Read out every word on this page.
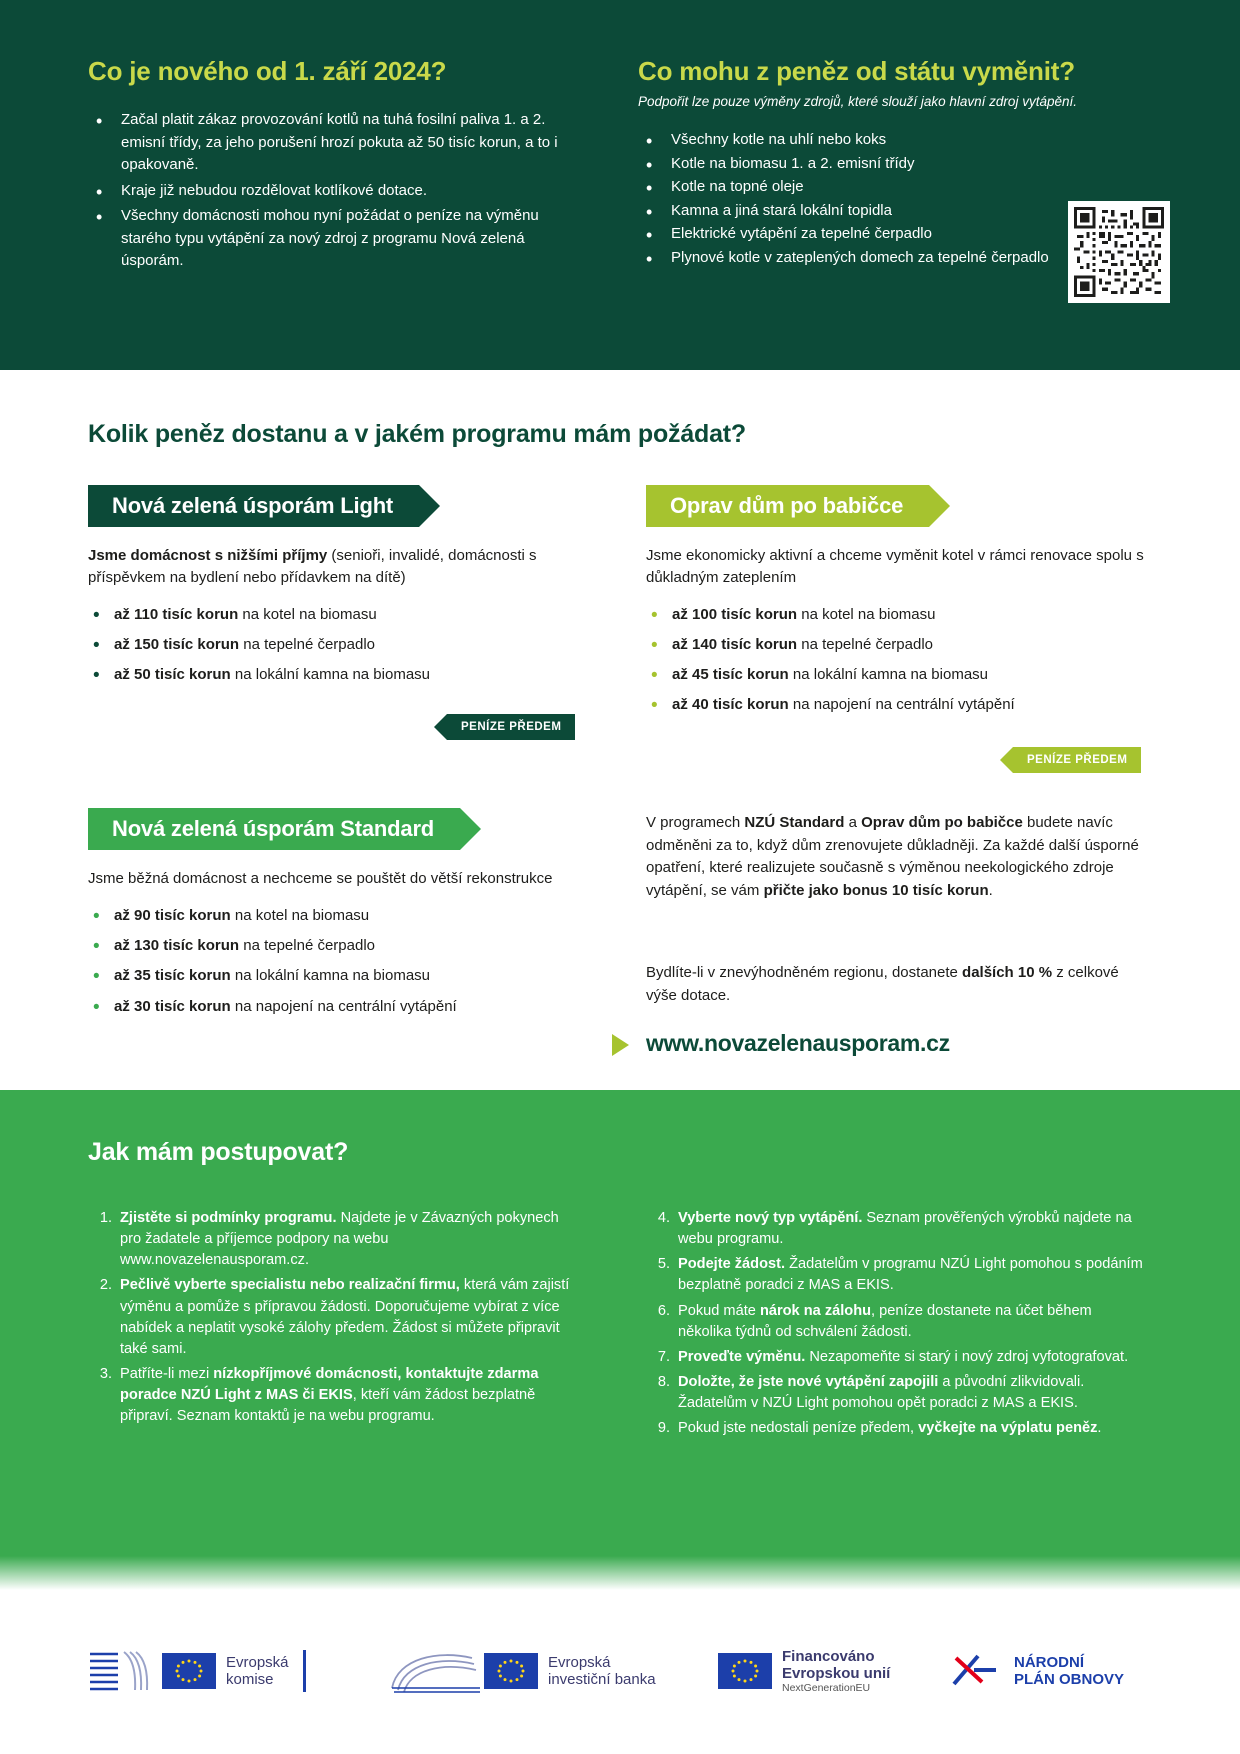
Co je nového od 1. září 2024?
• Začal platit zákaz provozování kotlů na tuhá fosilní paliva 1. a 2. emisní třídy, za jeho porušení hrozí pokuta až 50 tisíc korun, a to i opakovaně.
• Kraje již nebudou rozdělovat kotlíkové dotace.
• Všechny domácnosti mohou nyní požádat o peníze na výměnu starého typu vytápění za nový zdroj z programu Nová zelená úsporám.
Co mohu z peněz od státu vyměnit?
Podpořit lze pouze výměny zdrojů, které slouží jako hlavní zdroj vytápění.
• Všechny kotle na uhlí nebo koks
• Kotle na biomasu 1. a 2. emisní třídy
• Kotle na topné oleje
• Kamna a jiná stará lokální topidla
• Elektrické vytápění za tepelné čerpadlo
• Plynové kotle v zateplených domech za tepelné čerpadlo
Kolik peněz dostanu a v jakém programu mám požádat?
Nová zelená úsporám Light
Jsme domácnost s nižšími příjmy (senioři, invalidé, domácnosti s příspěvkem na bydlení nebo přídavkem na dítě)
• až 110 tisíc korun na kotel na biomasu
• až 150 tisíc korun na tepelné čerpadlo
• až 50 tisíc korun na lokální kamna na biomasu
PENÍZE PŘEDEM
Oprav dům po babičce
Jsme ekonomicky aktivní a chceme vyměnit kotel v rámci renovace spolu s důkladným zateplením
• až 100 tisíc korun na kotel na biomasu
• až 140 tisíc korun na tepelné čerpadlo
• až 45 tisíc korun na lokální kamna na biomasu
• až 40 tisíc korun na napojení na centrální vytápění
PENÍZE PŘEDEM
Nová zelená úsporám Standard
Jsme běžná domácnost a nechceme se pouštět do větší rekonstrukce
• až 90 tisíc korun na kotel na biomasu
• až 130 tisíc korun na tepelné čerpadlo
• až 35 tisíc korun na lokální kamna na biomasu
• až 30 tisíc korun na napojení na centrální vytápění
V programech NZÚ Standard a Oprav dům po babičce budete navíc odměněni za to, když dům zrenovujete důkladněji. Za každé další úsporné opatření, které realizujete současně s výměnou neekologického zdroje vytápění, se vám přičte jako bonus 10 tisíc korun.
Bydlíte-li v znevýhodněném regionu, dostanete dalších 10 % z celkové výše dotace.
www.novazelenausporam.cz
Jak mám postupovat?
1. Zjistěte si podmínky programu. Najdete je v Závazných pokynech pro žadatele a příjemce podpory na webu www.novazelenausporam.cz.
2. Pečlivě vyberte specialistu nebo realizační firmu, která vám zajistí výměnu a pomůže s přípravou žádosti. Doporučujeme vybírat z více nabídek a neplatit vysoké zálohy předem. Žádost si můžete připravit také sami.
3. Patříte-li mezi nízkopříjmové domácnosti, kontaktujte zdarma poradce NZÚ Light z MAS či EKIS, kteří vám žádost bezplatně připraví. Seznam kontaktů je na webu programu.
4. Vyberte nový typ vytápění. Seznam prověřených výrobků najdete na webu programu.
5. Podejte žádost. Žadatelům v programu NZÚ Light pomohou s podáním bezplatně poradci z MAS a EKIS.
6. Pokud máte nárok na zálohu, peníze dostanete na účet během několika týdnů od schválení žádosti.
7. Proveďte výměnu. Nezapomeňte si starý i nový zdroj vyfotografovat.
8. Doložte, že jste nové vytápění zapojili a původní zlikvidovali. Žadatelům v NZÚ Light pomohou opět poradci z MAS a EKIS.
9. Pokud jste nedostali peníze předem, vyčkejte na výplatu peněz.
Evropská
komise
Evropská
investiční banka
Financováno
Evropskou unií
NextGenerationEU
NÁRODNÍ
PLÁN OBNOVY
